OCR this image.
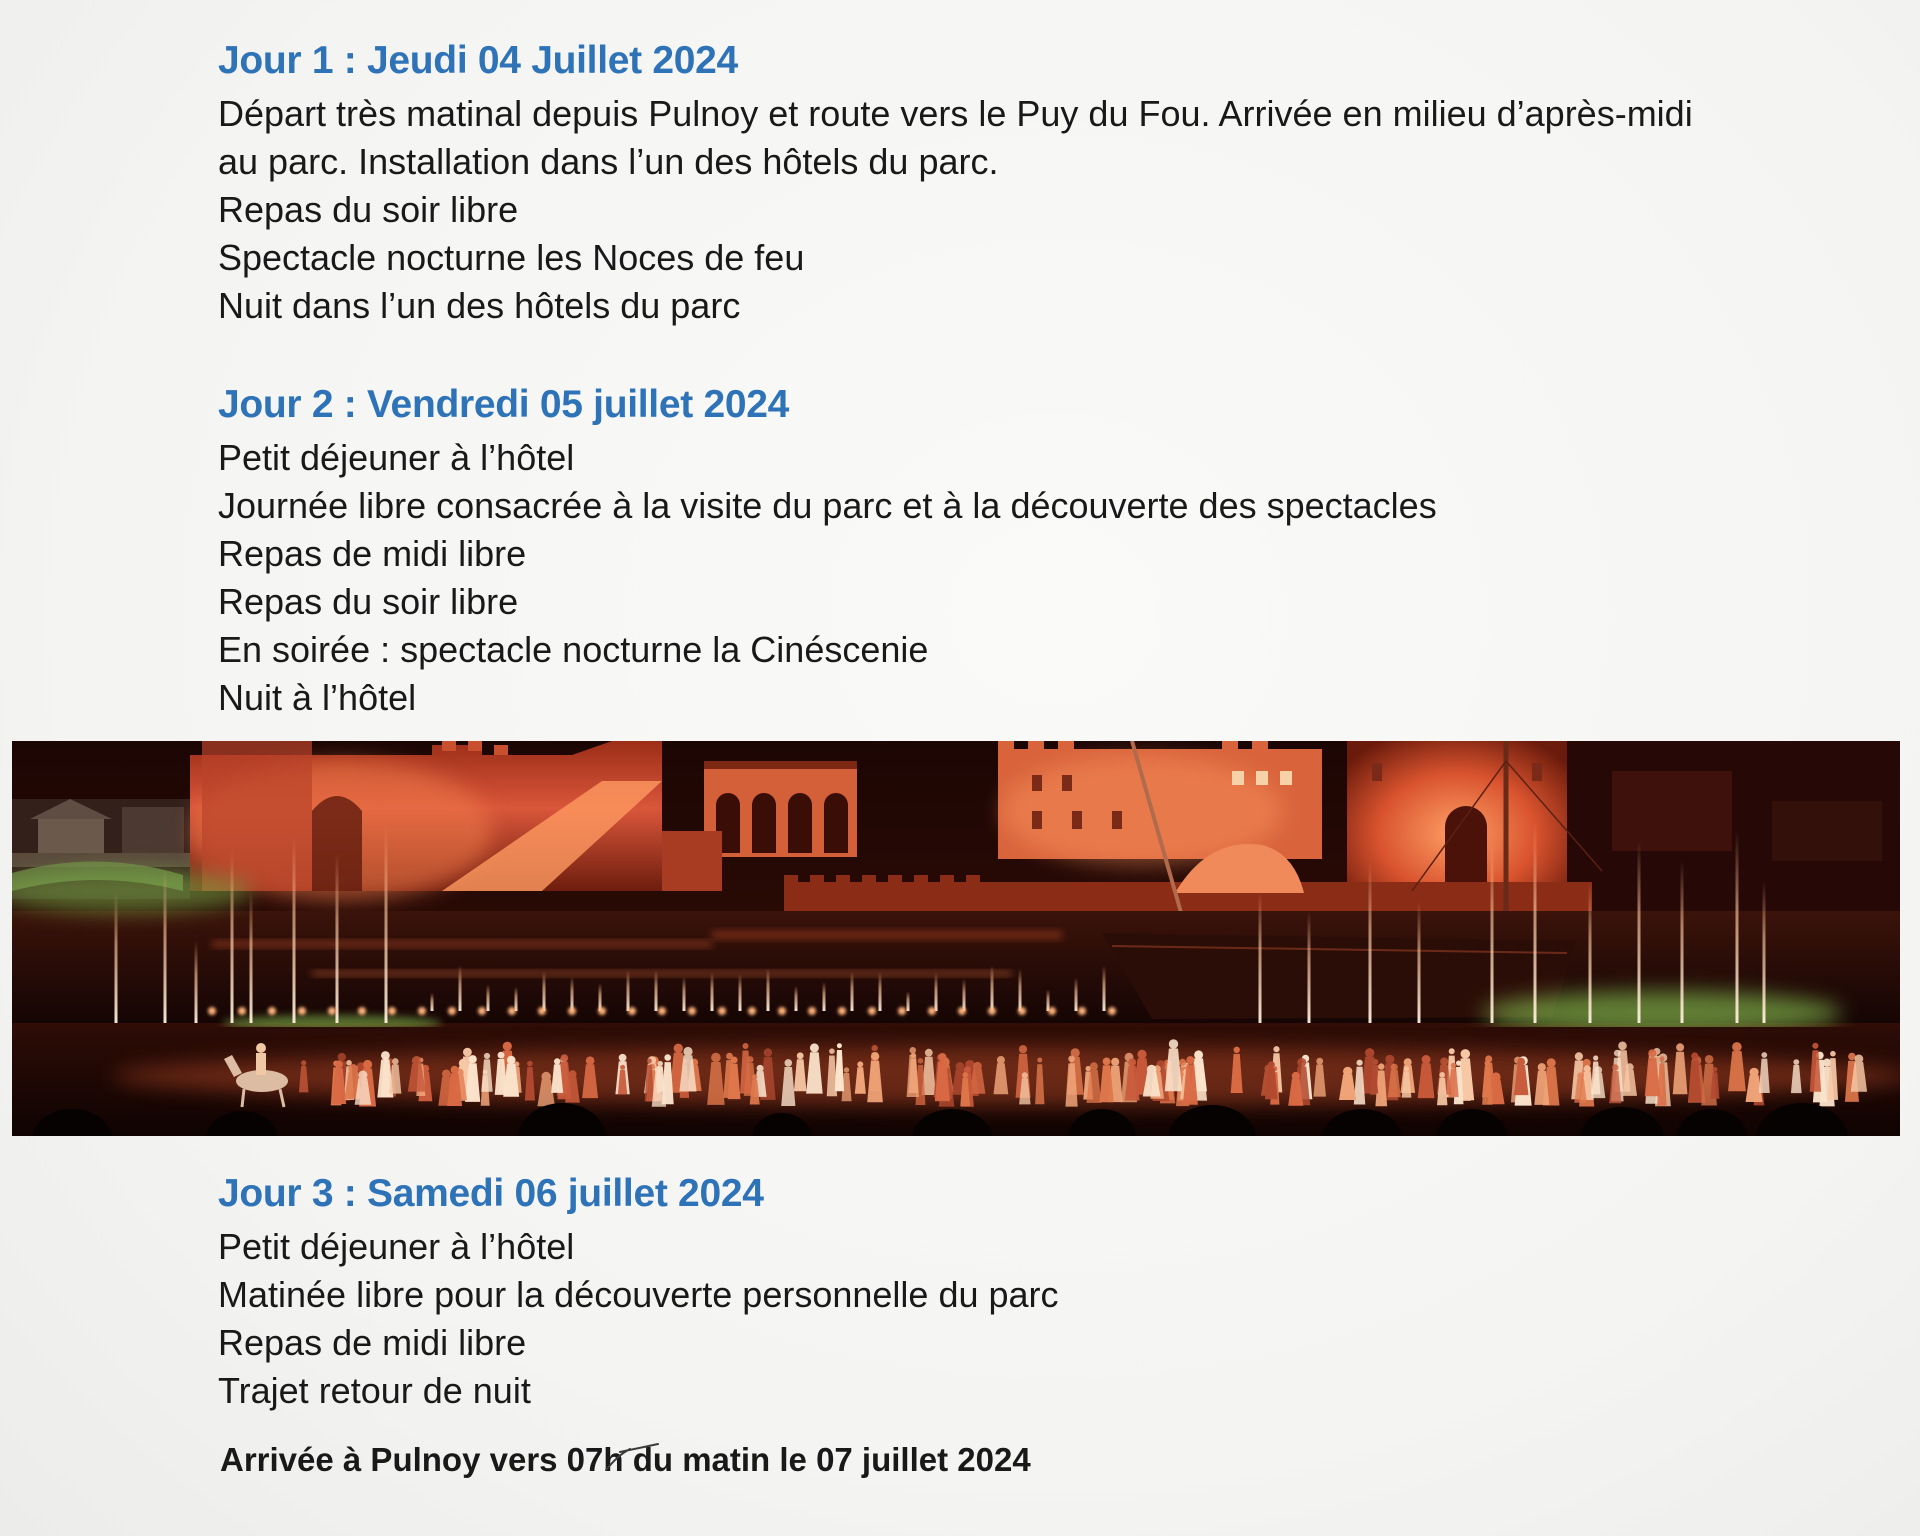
Jour 1 : Jeudi 04 Juillet 2024

Départ très matinal depuis Pulnoy et route vers le Puy du Fou. Arrivée en milieu d’après-midi

au parc. Installation dans l’un des hôtels du parc.

Repas du soir libre

Spectacle nocturne les Noces de feu

Nuit dans l’un des hôtels du parc

Jour 2 : Vendredi 05 juillet 2024

Petit déjeuner à l’hôtel

Journée libre consacrée à la visite du parc et à la découverte des spectacles

Repas de midi libre

Repas du soir libre

En soirée : spectacle nocturne la Cinéscenie

Nuit à l’hôtel

Jour 3 : Samedi 06 juillet 2024

Petit déjeuner à l’hôtel

Matinée libre pour la découverte personnelle du parc

Repas de midi libre

Trajet retour de nuit

Arrivée à Pulnoy vers 07h du matin le 07 juillet 2024
